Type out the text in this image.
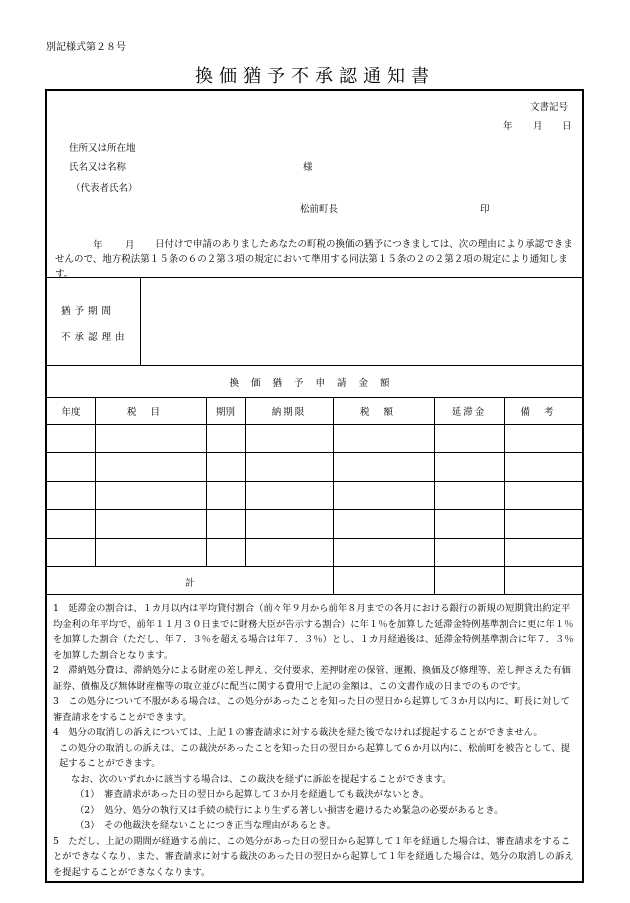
別記様式第２８号
換価猶予不承認通知書
文書記号
年 月 日
住所又は所在地
氏名又は名称	様
（代表者氏名）
松前町長	印
年 月	日付けで申請のありましたあなたの町税の換価の猶予につきましては、次の理由により承認できませんので、地方税法第１５条の６の２第３項の規定において準用する同法第１５条の２の２第２項の規定により通知します。
猶予期間
不承認理由
換価猶予申請金額
年度	税目	期別	納期限	税額	延滞金	備考
計

1　延滞金の割合は、１カ月以内は平均貸付割合（前々年９月から前年８月までの各月における銀行の新規の短期貸出約定平均金利の年平均で、前年１１月３０日までに財務大臣が告示する割合）に年１％を加算した延滞金特例基準割合に更に年１％を加算した割合（ただし、年７．３％を超える場合は年７．３％）とし、１カ月経過後は、延滞金特例基準割合に年７．３％を加算した割合となります。

2　滞納処分費は、滞納処分による財産の差し押え、交付要求、差押財産の保管、運搬、換価及び修理等、差し押さえた有価証券、債権及び無体財産権等の取立並びに配当に関する費用で上記の金額は、この文書作成の日までのものです。

3　この処分について不服がある場合は、この処分があったことを知った日の翌日から起算して３か月以内に、町長に対して審査請求をすることができます。

4　処分の取消しの訴えについては、上記１の審査請求に対する裁決を経た後でなければ提起することができません。

この処分の取消しの訴えは、この裁決があったことを知った日の翌日から起算して６か月以内に、松前町を被告として、提起することができます。

なお、次のいずれかに該当する場合は、この裁決を経ずに訴訟を提起することができます。

（1）　審査請求があった日の翌日から起算して３か月を経過しても裁決がないとき。

（2）　処分、処分の執行又は手続の続行により生ずる著しい損害を避けるため緊急の必要があるとき。

（3）　その他裁決を経ないことにつき正当な理由があるとき。

5　ただし、上記の期間が経過する前に、この処分があった日の翌日から起算して１年を経過した場合は、審査請求をすることができなくなり、また、審査請求に対する裁決のあった日の翌日から起算して１年を経過した場合は、処分の取消しの訴えを提起することができなくなります。
